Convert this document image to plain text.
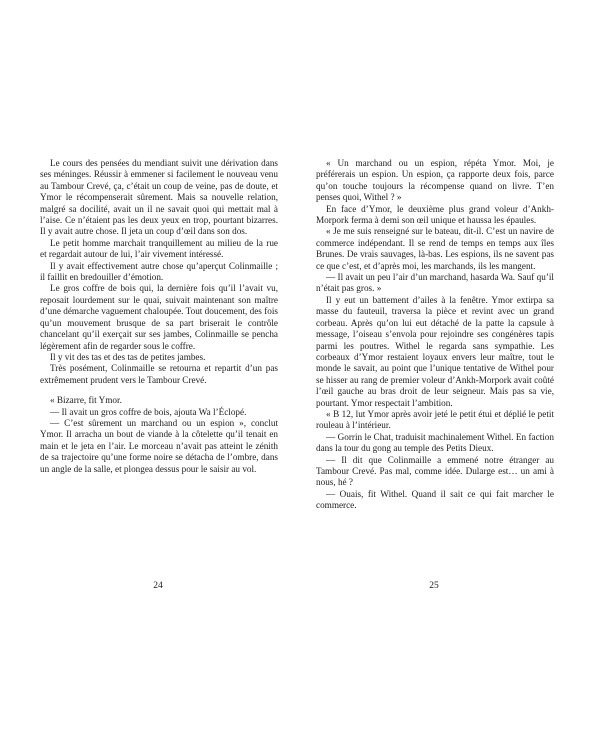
Le cours des pensées du mendiant suivit une dérivation dans ses méninges. Réussir à emmener si facilement le nouveau venu au Tambour Crevé, ça, c’était un coup de veine, pas de doute, et Ymor le récompenserait sûrement. Mais sa nouvelle relation, malgré sa docilité, avait un il ne savait quoi qui mettait mal à l’aise. Ce n’étaient pas les deux yeux en trop, pourtant bizarres. Il y avait autre chose. Il jeta un coup d’œil dans son dos.

Le petit homme marchait tranquillement au milieu de la rue et regardait autour de lui, l’air vivement intéressé.

Il y avait effectivement autre chose qu’aperçut Colinmaille ; il faillit en bredouiller d’émotion.

Le gros coffre de bois qui, la dernière fois qu’il l’avait vu, reposait lourdement sur le quai, suivait maintenant son maître d’une démarche vaguement chaloupée. Tout doucement, des fois qu’un mouvement brusque de sa part briserait le contrôle chancelant qu’il exerçait sur ses jambes, Colinmaille se pencha légèrement afin de regarder sous le coffre.

Il y vit des tas et des tas de petites jambes.

Très posément, Colinmaille se retourna et repartit d’un pas extrêmement prudent vers le Tambour Crevé.

« Bizarre, fit Ymor.

— Il avait un gros coffre de bois, ajouta Wa l’Éclopé.

— C’est sûrement un marchand ou un espion », conclut Ymor. Il arracha un bout de viande à la côtelette qu’il tenait en main et le jeta en l’air. Le morceau n’avait pas atteint le zénith de sa trajectoire qu’une forme noire se détacha de l’ombre, dans un angle de la salle, et plongea dessus pour le saisir au vol.

« Un marchand ou un espion, répéta Ymor. Moi, je préférerais un espion. Un espion, ça rapporte deux fois, parce qu’on touche toujours la récompense quand on livre. T’en penses quoi, Withel ? »

En face d’Ymor, le deuxième plus grand voleur d’Ankh-Morpork ferma à demi son œil unique et haussa les épaules.

« Je me suis renseigné sur le bateau, dit-il. C’est un navire de commerce indépendant. Il se rend de temps en temps aux îles Brunes. De vrais sauvages, là-bas. Les espions, ils ne savent pas ce que c’est, et d’après moi, les marchands, ils les mangent.

— Il avait un peu l’air d’un marchand, hasarda Wa. Sauf qu’il n’était pas gros. »

Il y eut un battement d’ailes à la fenêtre. Ymor extirpa sa masse du fauteuil, traversa la pièce et revint avec un grand corbeau. Après qu’on lui eut détaché de la patte la capsule à message, l’oiseau s’envola pour rejoindre ses congénères tapis parmi les poutres. Withel le regarda sans sympathie. Les corbeaux d’Ymor restaient loyaux envers leur maître, tout le monde le savait, au point que l’unique tentative de Withel pour se hisser au rang de premier voleur d’Ankh-Morpork avait coûté l’œil gauche au bras droit de leur seigneur. Mais pas sa vie, pourtant. Ymor respectait l’ambition.

« B 12, lut Ymor après avoir jeté le petit étui et déplié le petit rouleau à l’intérieur.

— Gorrin le Chat, traduisit machinalement Withel. En faction dans la tour du gong au temple des Petits Dieux.

— Il dit que Colinmaille a emmené notre étranger au Tambour Crevé. Pas mal, comme idée. Dularge est… un ami à nous, hé ?

— Ouais, fit Withel. Quand il sait ce qui fait marcher le commerce.

24	25
